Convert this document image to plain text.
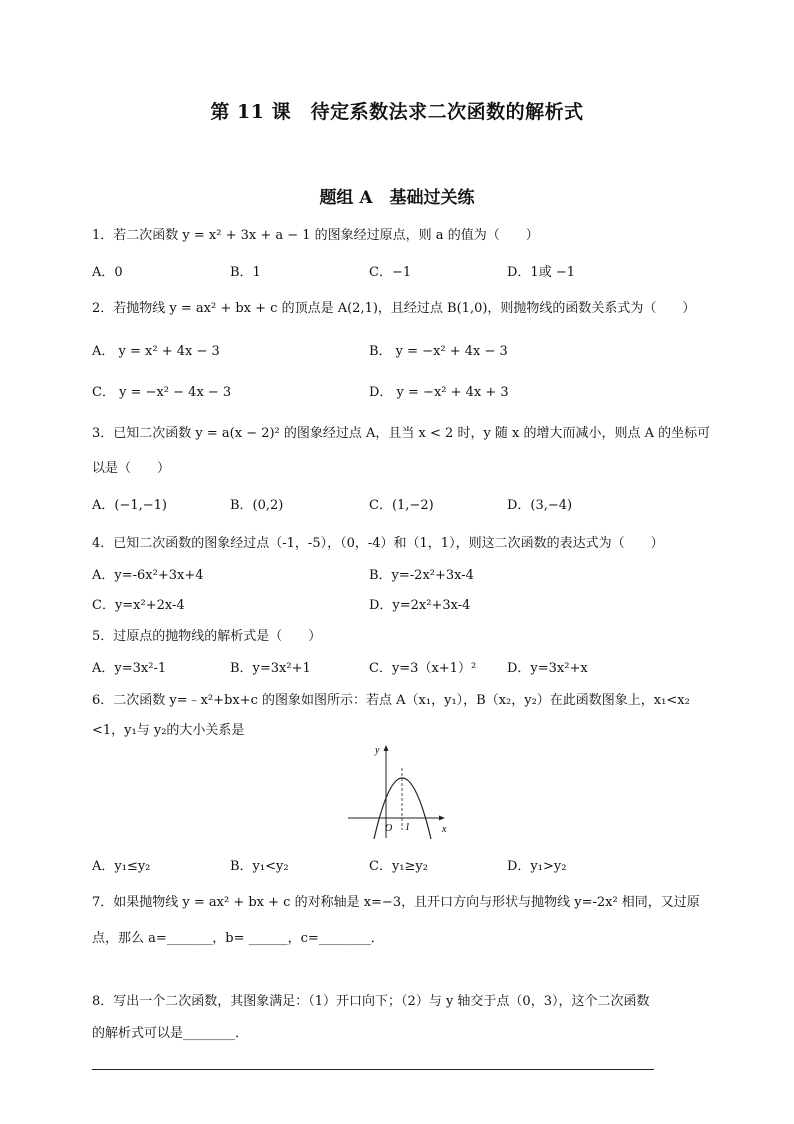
第 11 课　待定系数法求二次函数的解析式
题组 A　基础过关练
1．若二次函数 y = x² + 3x + a − 1 的图象经过原点，则 a 的值为（　　）
A．0	B．1	C．−1	D．1或 −1
2．若抛物线 y = ax² + bx + c 的顶点是 A(2,1)，且经过点 B(1,0)，则抛物线的函数关系式为（　　）
A． y = x² + 4x − 3	B． y = −x² + 4x − 3
C． y = −x² − 4x − 3	D． y = −x² + 4x + 3
3．已知二次函数 y = a(x − 2)² 的图象经过点 A，且当 x < 2 时，y 随 x 的增大而减小，则点 A 的坐标可
以是（　　）
A．(−1,−1)	B．(0,2)	C．(1,−2)	D．(3,−4)
4．已知二次函数的图象经过点（-1，-5），（0，-4）和（1，1），则这二次函数的表达式为（　　）
A．y=-6x²+3x+4	B．y=-2x²+3x-4
C．y=x²+2x-4	D．y=2x²+3x-4
5．过原点的抛物线的解析式是（　　）
A．y=3x²-1	B．y=3x²+1	C．y=3（x+1）² D．y=3x²+x
6．二次函数 y=﹣x²+bx+c 的图象如图所示：若点 A（x₁，y₁），B（x₂，y₂）在此函数图象上，x₁<x₂
<1，y₁与 y₂的大小关系是
y
x
O 1
A．y₁≤y₂	B．y₁<y₂	C．y₁≥y₂	D．y₁>y₂
7．如果抛物线 y = ax² + bx + c 的对称轴是 x=−3，且开口方向与形状与抛物线 y=-2x² 相同，又过原
点，那么 a=_______，b= ______，c=________．
8．写出一个二次函数，其图象满足：（1）开口向下；（2）与 y 轴交于点（0，3），这个二次函数
的解析式可以是________．
